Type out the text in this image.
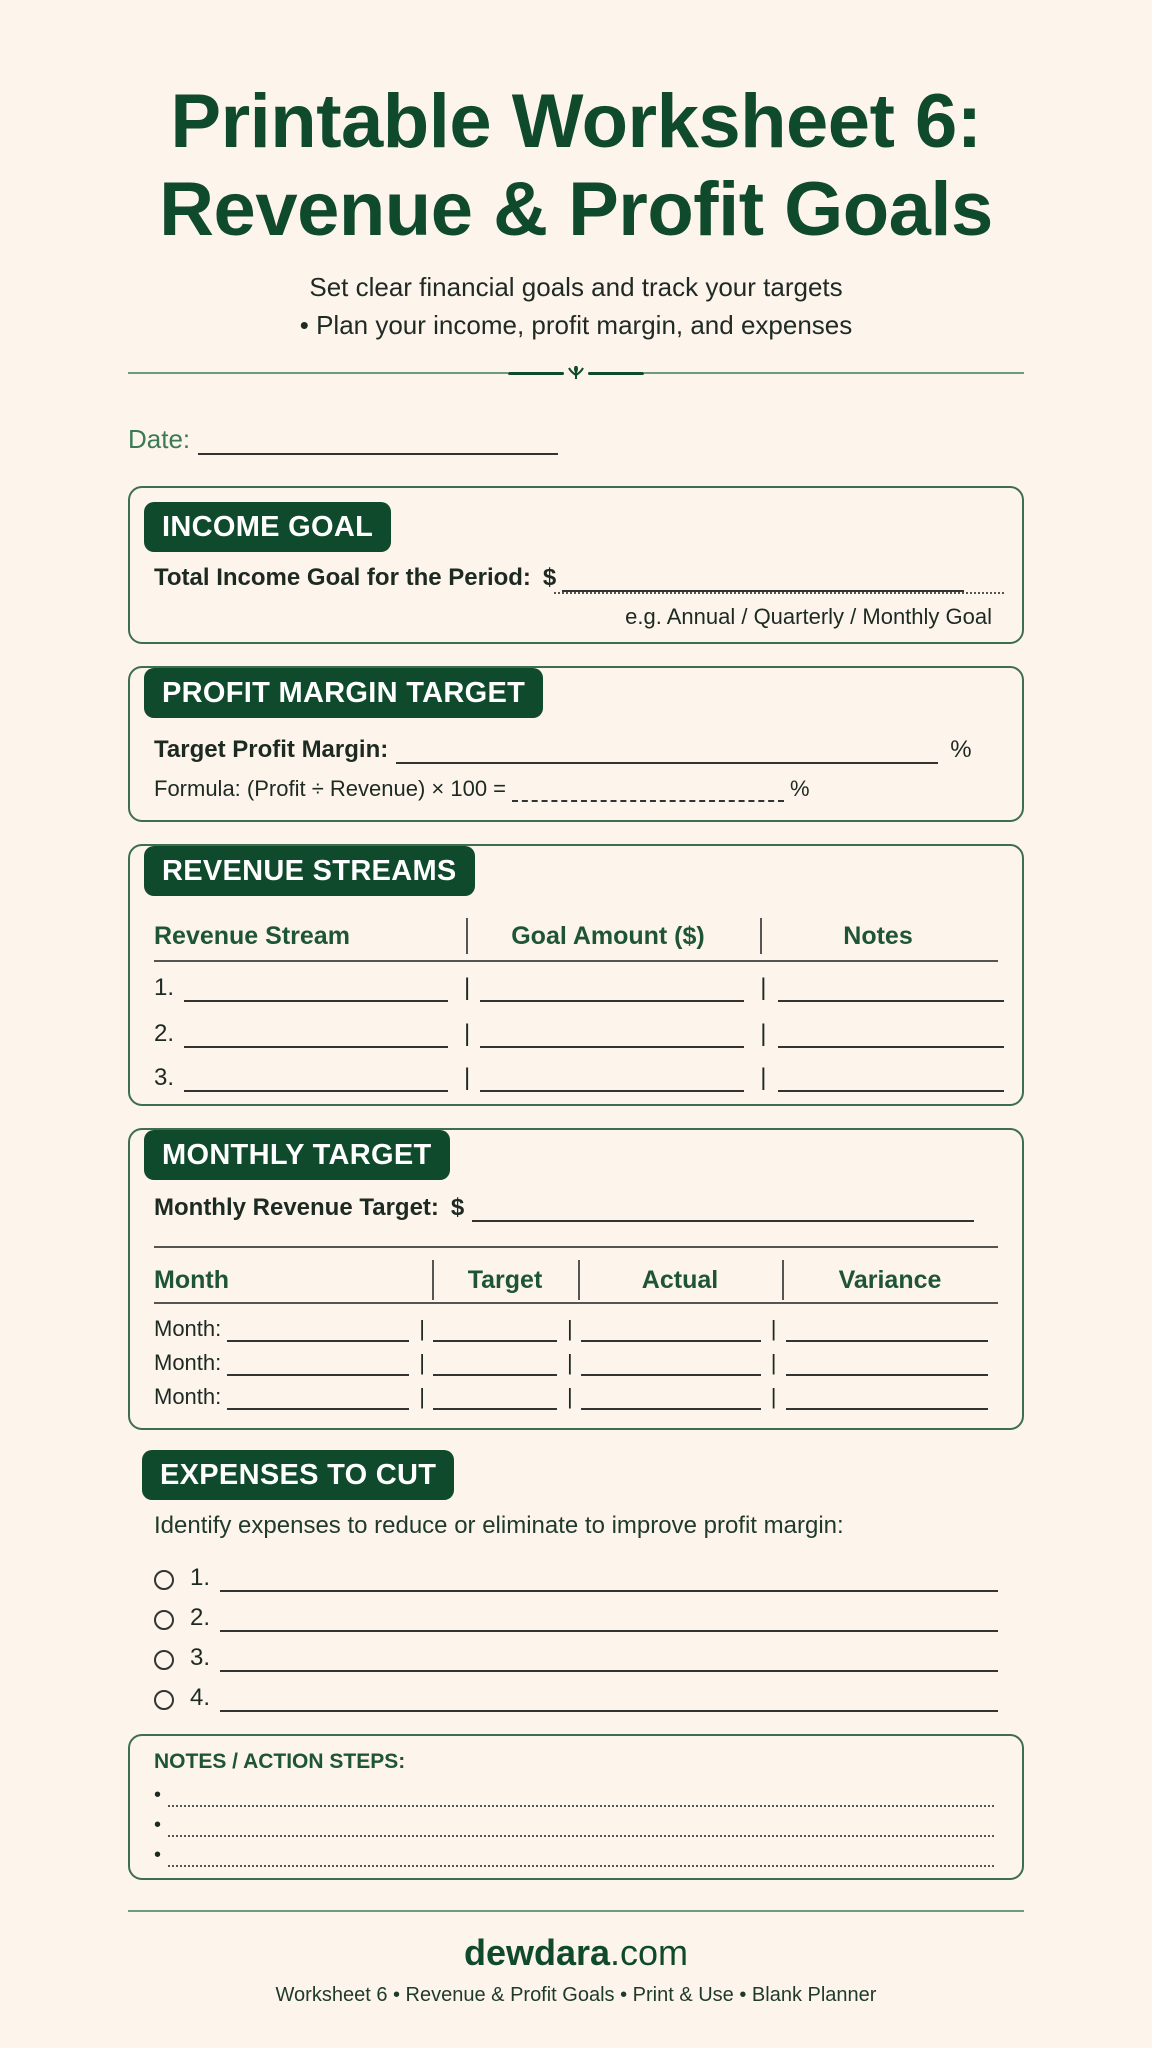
Printable Worksheet 6:
Revenue & Profit Goals
Set clear financial goals and track your targets
• Plan your income, profit margin, and expenses
Date:
INCOME GOAL
Total Income Goal for the Period: $
e.g. Annual / Quarterly / Monthly Goal
PROFIT MARGIN TARGET
Target Profit Margin:	%
Formula: (Profit ÷ Revenue) × 100 =	%
REVENUE STREAMS
Revenue Stream	Goal Amount ($)	Notes
1.	|	|
2.	|	|
3.	|	|
MONTHLY TARGET
Monthly Revenue Target: $
Month	Target	Actual	Variance
Month:	|	|	|
Month:	|	|	|
Month:	|	|	|
EXPENSES TO CUT
Identify expenses to reduce or eliminate to improve profit margin:
1.
2.
3.
4.
NOTES / ACTION STEPS:
•
•
•
dewdara.com
Worksheet 6 • Revenue & Profit Goals • Print & Use • Blank Planner
